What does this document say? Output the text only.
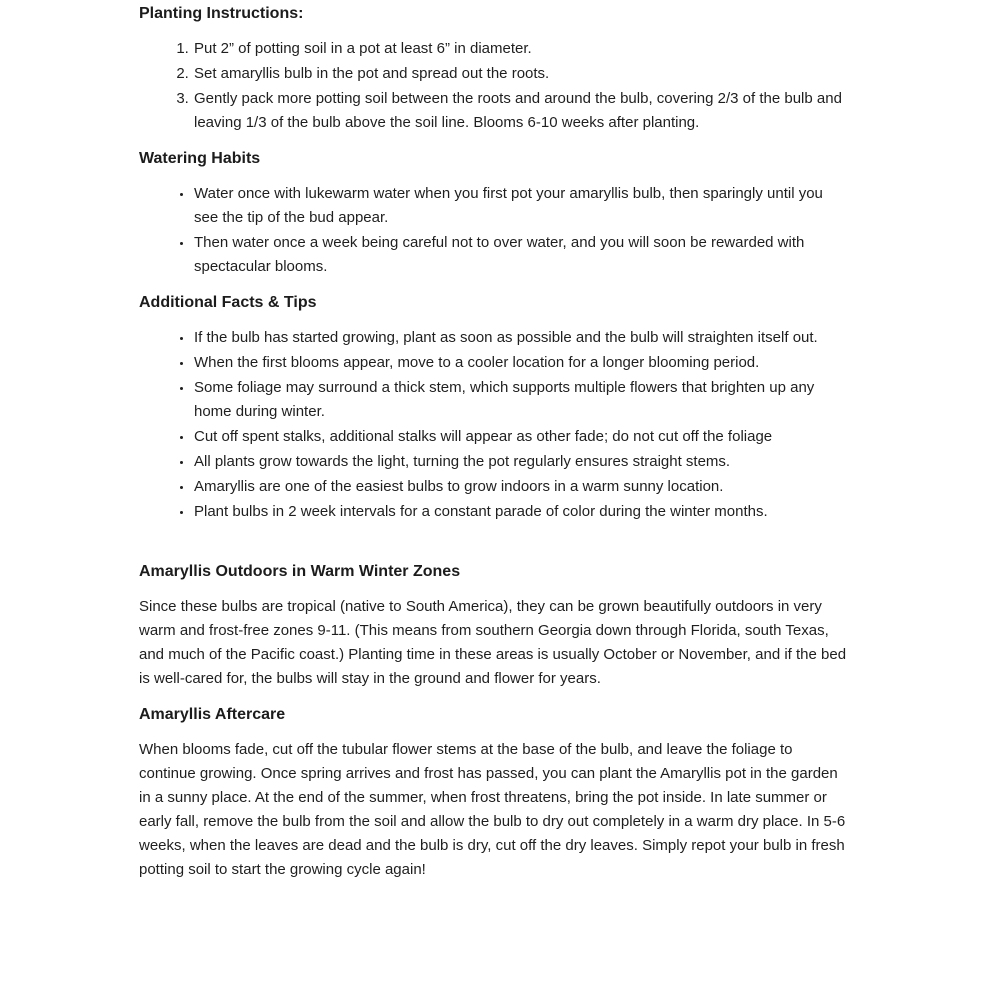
Planting Instructions:
1. Put 2” of potting soil in a pot at least 6” in diameter.
2. Set amaryllis bulb in the pot and spread out the roots.
3. Gently pack more potting soil between the roots and around the bulb, covering 2/3 of the bulb and leaving 1/3 of the bulb above the soil line. Blooms 6-10 weeks after planting.
Watering Habits
• Water once with lukewarm water when you first pot your amaryllis bulb, then sparingly until you see the tip of the bud appear.
• Then water once a week being careful not to over water, and you will soon be rewarded with spectacular blooms.
Additional Facts & Tips
• If the bulb has started growing, plant as soon as possible and the bulb will straighten itself out.
• When the first blooms appear, move to a cooler location for a longer blooming period.
• Some foliage may surround a thick stem, which supports multiple flowers that brighten up any home during winter.
• Cut off spent stalks, additional stalks will appear as other fade; do not cut off the foliage
• All plants grow towards the light, turning the pot regularly ensures straight stems.
• Amaryllis are one of the easiest bulbs to grow indoors in a warm sunny location.
• Plant bulbs in 2 week intervals for a constant parade of color during the winter months.
Amaryllis Outdoors in Warm Winter Zones

Since these bulbs are tropical (native to South America), they can be grown beautifully outdoors in very warm and frost-free zones 9-11. (This means from southern Georgia down through Florida, south Texas, and much of the Pacific coast.) Planting time in these areas is usually October or November, and if the bed is well-cared for, the bulbs will stay in the ground and flower for years.

Amaryllis Aftercare

When blooms fade, cut off the tubular flower stems at the base of the bulb, and leave the foliage to continue growing. Once spring arrives and frost has passed, you can plant the Amaryllis pot in the garden in a sunny place. At the end of the summer, when frost threatens, bring the pot inside. In late summer or early fall, remove the bulb from the soil and allow the bulb to dry out completely in a warm dry place. In 5-6 weeks, when the leaves are dead and the bulb is dry, cut off the dry leaves. Simply repot your bulb in fresh potting soil to start the growing cycle again!
